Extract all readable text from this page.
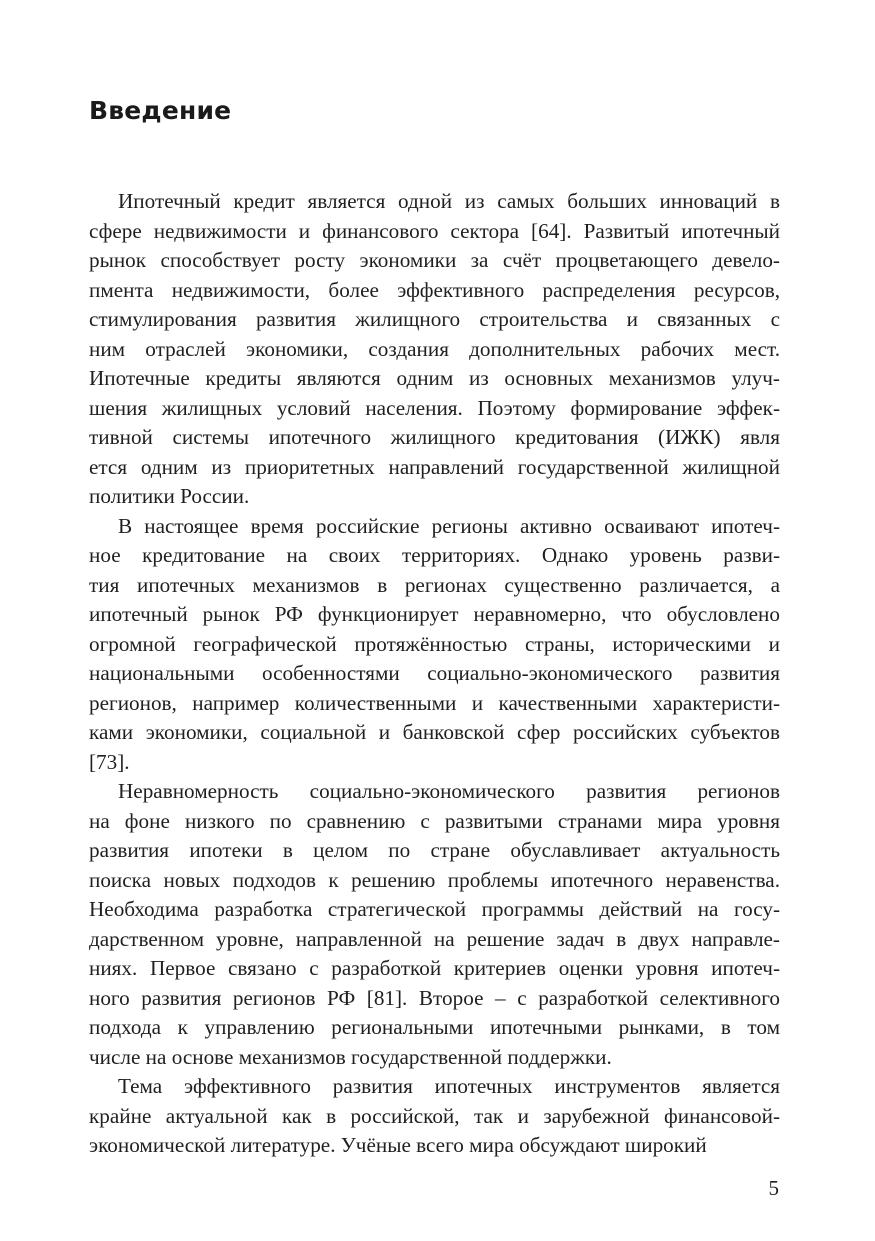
Введение
Ипотечный кредит является одной из самых больших инноваций в
сфере недвижимости и финансового сектора [64]. Развитый ипотечный
рынок способствует росту экономики за счёт процветающего девело-
пмента недвижимости, более эффективного распределения ресурсов,
стимулирования развития жилищного строительства и связанных с
ним отраслей экономики, создания дополнительных рабочих мест.
Ипотечные кредиты являются одним из основных механизмов улуч-
шения жилищных условий населения. Поэтому формирование эффек-
тивной системы ипотечного жилищного кредитования (ИЖК) явля
ется одним из приоритетных направлений государственной жилищной
политики России.
В настоящее время российские регионы активно осваивают ипотеч-
ное кредитование на своих территориях. Однако уровень разви-
тия ипотечных механизмов в регионах существенно различается, а
ипотечный рынок РФ функционирует неравномерно, что обусловлено
огромной географической протяжённостью страны, историческими и
национальными особенностями социально-экономического развития
регионов, например количественными и качественными характеристи-
ками экономики, социальной и банковской сфер российских субъектов
[73].
Неравномерность социально-экономического развития регионов
на фоне низкого по сравнению с развитыми странами мира уровня
развития ипотеки в целом по стране обуславливает актуальность
поиска новых подходов к решению проблемы ипотечного неравенства.
Необходима разработка стратегической программы действий на госу-
дарственном уровне, направленной на решение задач в двух направле-
ниях. Первое связано с разработкой критериев оценки уровня ипотеч-
ного развития регионов РФ [81]. Второе – с разработкой селективного
подхода к управлению региональными ипотечными рынками, в том
числе на основе механизмов государственной поддержки.
Тема эффективного развития ипотечных инструментов является
крайне актуальной как в российской, так и зарубежной финансовой-
экономической литературе. Учёные всего мира обсуждают широкий
5
